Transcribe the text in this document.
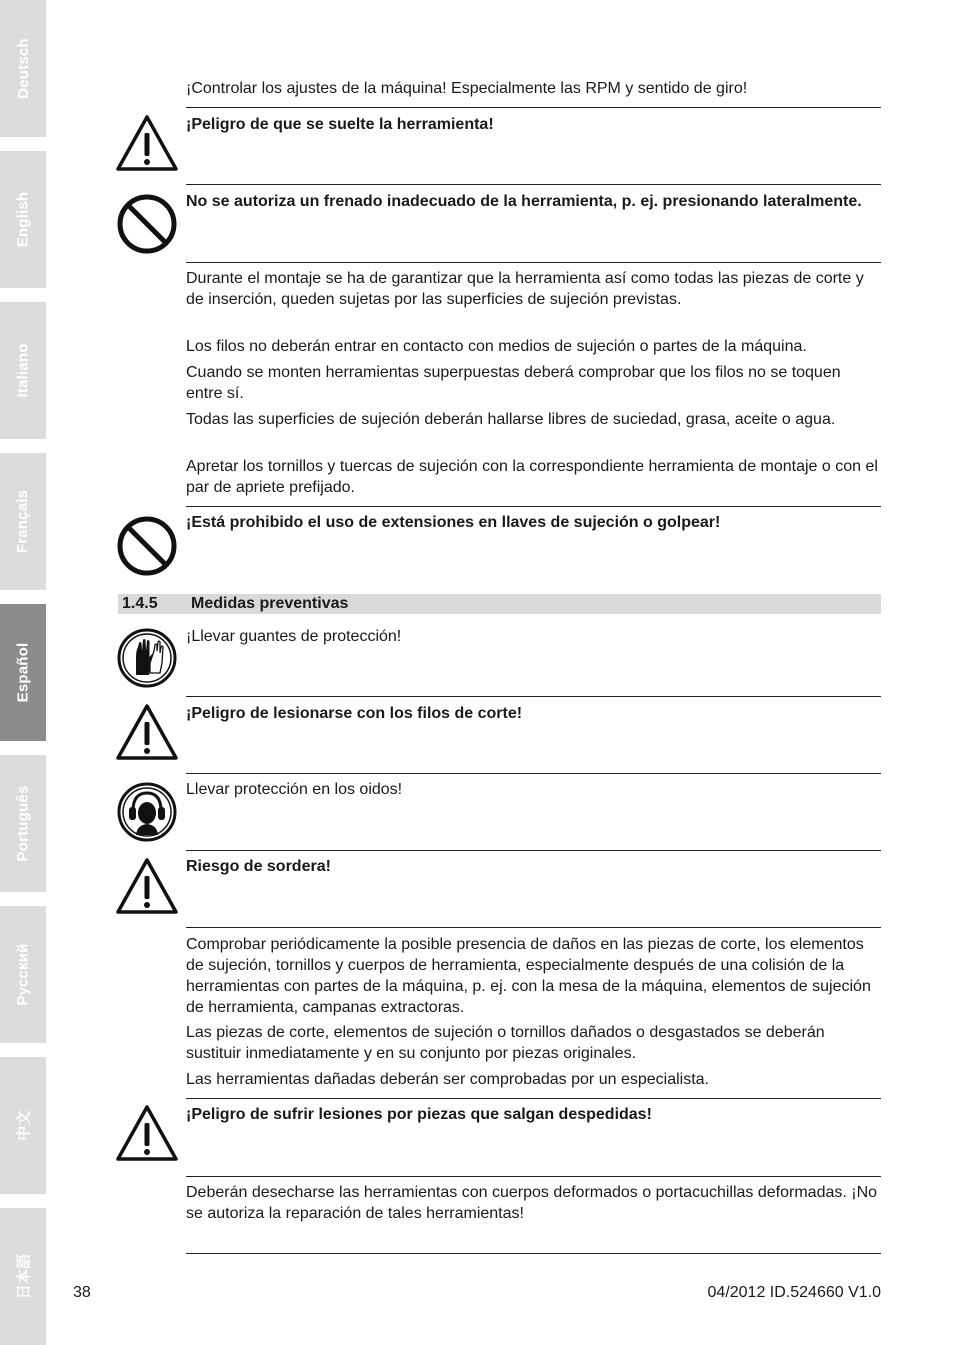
Deutsch
English
Italiano
Français
Español
Português
Русский
中文
日本語

¡Controlar los ajustes de la máquina! Especialmente las RPM y sentido de giro!

¡Peligro de que se suelte la herramienta!

No se autoriza un frenado inadecuado de la herramienta, p. ej. presionando lateralmente.

Durante el montaje se ha de garantizar que la herramienta así como todas las piezas de corte y de inserción, queden sujetas por las superficies de sujeción previstas.

Los filos no deberán entrar en contacto con medios de sujeción o partes de la máquina.

Cuando se monten herramientas superpuestas deberá comprobar que los filos no se toquen entre sí.

Todas las superficies de sujeción deberán hallarse libres de suciedad, grasa, aceite o agua.

Apretar los tornillos y tuercas de sujeción con la correspondiente herramienta de montaje o con el par de apriete prefijado.

¡Está prohibido el uso de extensiones en llaves de sujeción o golpear!

1.4.5 Medidas preventivas

¡Llevar guantes de protección!

¡Peligro de lesionarse con los filos de corte!

Llevar protección en los oidos!

Riesgo de sordera!

Comprobar periódicamente la posible presencia de daños en las piezas de corte, los elementos de sujeción, tornillos y cuerpos de herramienta, especialmente después de una colisión de la herramientas con partes de la máquina, p. ej. con la mesa de la máquina, elementos de sujeción de herramienta, campanas extractoras.

Las piezas de corte, elementos de sujeción o tornillos dañados o desgastados se deberán sustituir inmediatamente y en su conjunto por piezas originales.

Las herramientas dañadas deberán ser comprobadas por un especialista.

¡Peligro de sufrir lesiones por piezas que salgan despedidas!

Deberán desecharse las herramientas con cuerpos deformados o portacuchillas deformadas. ¡No se autoriza la reparación de tales herramientas!

38	04/2012 ID.524660 V1.0
